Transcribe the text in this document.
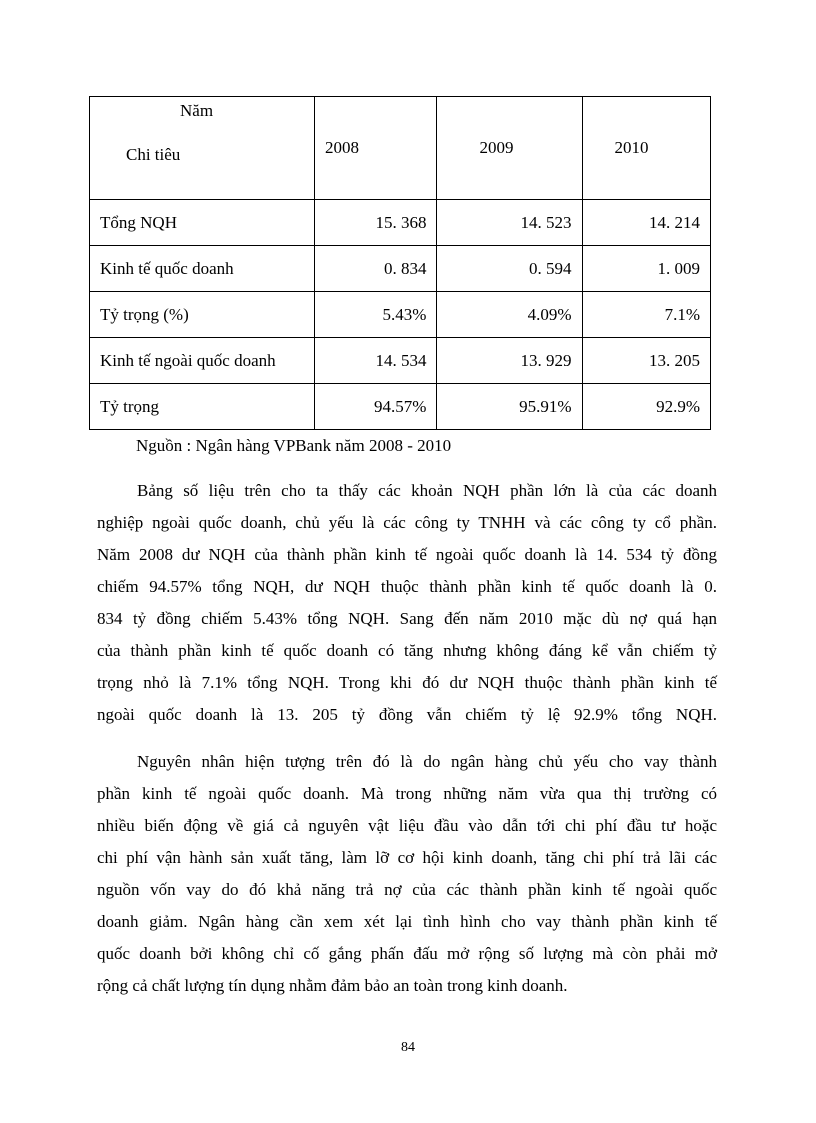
Năm
Chi tiêu	2008	2009	2010
Tổng NQH	15. 368	14. 523	14. 214
Kinh tế quốc doanh	0. 834	0. 594	1. 009
Tỷ trọng (%)	5.43%	4.09%	7.1%
Kinh tế ngoài quốc doanh	14. 534	13. 929	13. 205
Tỷ trọng	94.57%	95.91%	92.9%
Nguồn : Ngân hàng VPBank năm 2008 - 2010

Bảng số liệu trên cho ta thấy các khoản NQH phần lớn là của các doanh
nghiệp ngoài quốc doanh, chủ yếu là các công ty TNHH và các công ty cổ phần.
Năm 2008 dư NQH của thành phần kinh tế ngoài quốc doanh là 14. 534 tỷ đồng
chiếm 94.57% tổng NQH, dư NQH thuộc thành phần kinh tế quốc doanh là 0.
834 tỷ đồng chiếm 5.43% tổng NQH. Sang đến năm 2010 mặc dù nợ quá hạn
của thành phần kinh tế quốc doanh có tăng nhưng không đáng kể vẫn chiếm tỷ
trọng nhỏ là 7.1% tổng NQH. Trong khi đó dư NQH thuộc thành phần kinh tế
ngoài quốc doanh là 13. 205 tỷ đồng vẫn chiếm tỷ lệ 92.9% tổng NQH.

Nguyên nhân hiện tượng trên đó là do ngân hàng chủ yếu cho vay thành
phần kinh tế ngoài quốc doanh. Mà trong những năm vừa qua thị trường có
nhiều biến động về giá cả nguyên vật liệu đầu vào dẫn tới chi phí đầu tư hoặc
chi phí vận hành sản xuất tăng, làm lỡ cơ hội kinh doanh, tăng chi phí trả lãi các
nguồn vốn vay do đó khả năng trả nợ của các thành phần kinh tế ngoài quốc
doanh giảm. Ngân hàng cần xem xét lại tình hình cho vay thành phần kinh tế
quốc doanh bởi không chỉ cố gắng phấn đấu mở rộng số lượng mà còn phải mở
rộng cả chất lượng tín dụng nhằm đảm bảo an toàn trong kinh doanh.

84
